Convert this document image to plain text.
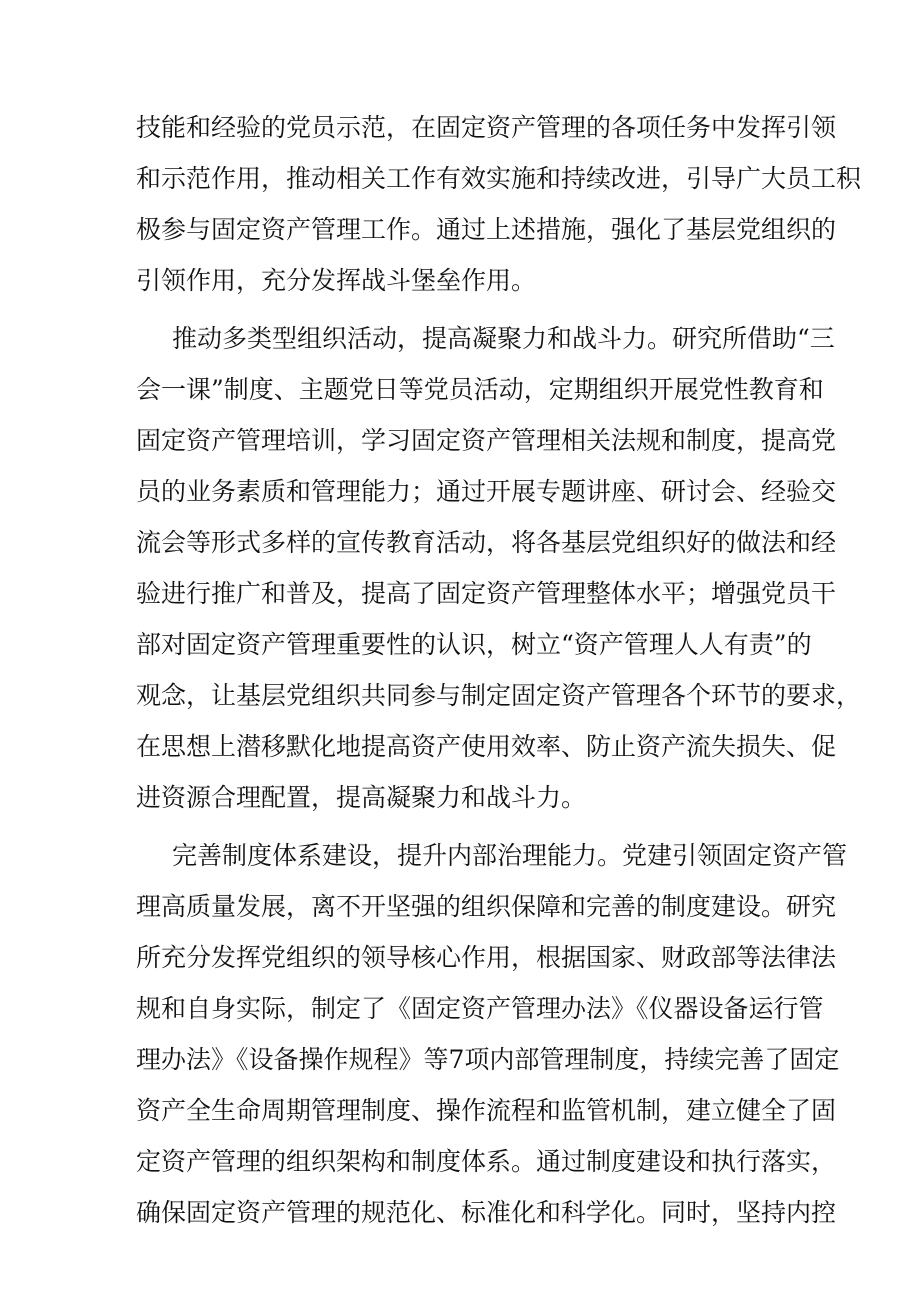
技能和经验的党员示范，在固定资产管理的各项任务中发挥引领

和示范作用，推动相关工作有效实施和持续改进，引导广大员工积

极参与固定资产管理工作。通过上述措施，强化了基层党组织的

引领作用，充分发挥战斗堡垒作用。

推动多类型组织活动，提高凝聚力和战斗力。研究所借助“三

会一课”制度、主题党日等党员活动，定期组织开展党性教育和

固定资产管理培训，学习固定资产管理相关法规和制度，提高党

员的业务素质和管理能力；通过开展专题讲座、研讨会、经验交

流会等形式多样的宣传教育活动，将各基层党组织好的做法和经

验进行推广和普及，提高了固定资产管理整体水平；增强党员干

部对固定资产管理重要性的认识，树立“资产管理人人有责”的

观念，让基层党组织共同参与制定固定资产管理各个环节的要求，

在思想上潜移默化地提高资产使用效率、防止资产流失损失、促

进资源合理配置，提高凝聚力和战斗力。

完善制度体系建设，提升内部治理能力。党建引领固定资产管

理高质量发展，离不开坚强的组织保障和完善的制度建设。研究

所充分发挥党组织的领导核心作用，根据国家、财政部等法律法

规和自身实际，制定了《固定资产管理办法》《仪器设备运行管

理办法》《设备操作规程》等7项内部管理制度，持续完善了固定

资产全生命周期管理制度、操作流程和监管机制，建立健全了固

定资产管理的组织架构和制度体系。通过制度建设和执行落实，

确保固定资产管理的规范化、标准化和科学化。同时，坚持内控
